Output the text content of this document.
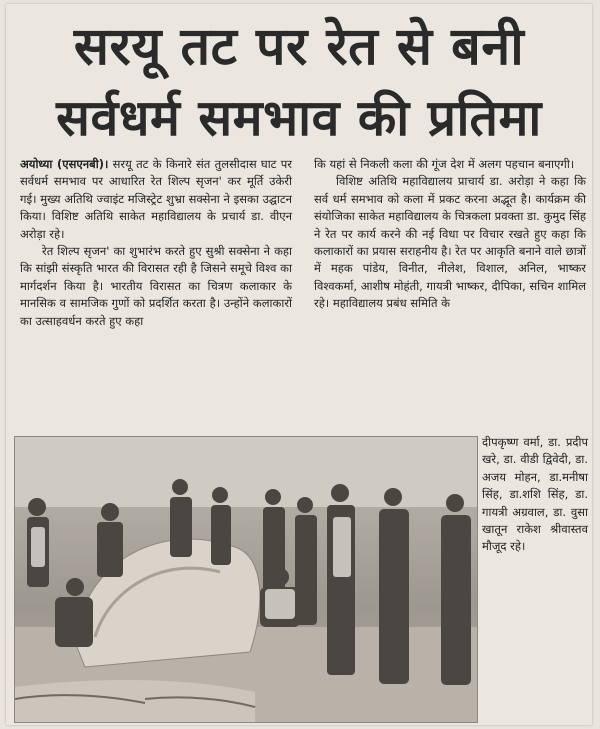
सरयू तट पर रेत से बनी
सर्वधर्म समभाव की प्रतिमा

अयोध्या (एसएनबी)। सरयू तट के किनारे संत तुलसीदास घाट पर सर्वधर्म समभाव पर आधारित रेत शिल्प सृजन' कर मूर्ति उकेरी गई। मुख्य अतिथि ज्वाइंट मजिस्ट्रेट शुभ्रा सक्सेना ने इसका उद्घाटन किया। विशिष्ट अतिथि साकेत महाविद्यालय के प्रचार्य डा. वीएन अरोड़ा रहे।

रेत शिल्प सृजन' का शुभारंभ करते हुए सुश्री सक्सेना ने कहा कि सांझी संस्कृति भारत की विरासत रही है जिसने समूचे विश्व का मार्गदर्शन किया है। भारतीय विरासत का चित्रण कलाकार के मानसिक व सामजिक गुणों को प्रदर्शित करता है। उन्होंने कलाकारों का उत्साहवर्धन करते हुए कहा

कि यहां से निकली कला की गूंज देश में अलग पहचान बनाएगी।

विशिष्ट अतिथि महाविद्यालय प्राचार्य डा. अरोड़ा ने कहा कि सर्व धर्म समभाव को कला में प्रकट करना अद्भूत है। कार्यक्रम की संयोजिका साकेत महाविद्यालय के चित्रकला प्रवक्ता डा. कुमुद सिंह ने रेत पर कार्य करने की नई विधा पर विचार रखते हुए कहा कि कलाकारों का प्रयास सराहनीय है। रेत पर आकृति बनाने वाले छात्रों में महक पांडेय, विनीत, नीलेश, विशाल, अनिल, भाष्कर विश्वकर्मा, आशीष मोहंती, गायत्री भाष्कर, दीपिका, सचिन शामिल रहे। महाविद्यालय प्रबंध समिति के

दीपकृष्ण वर्मा, डा. प्रदीप खरे, डा. वीडी द्विवेदी, डा. अजय मोहन, डा.मनीषा सिंह, डा.शशि सिंह, डा. गायत्री अग्रवाल, डा. वुसा खातून राकेश श्रीवास्तव मौजूद रहे।
